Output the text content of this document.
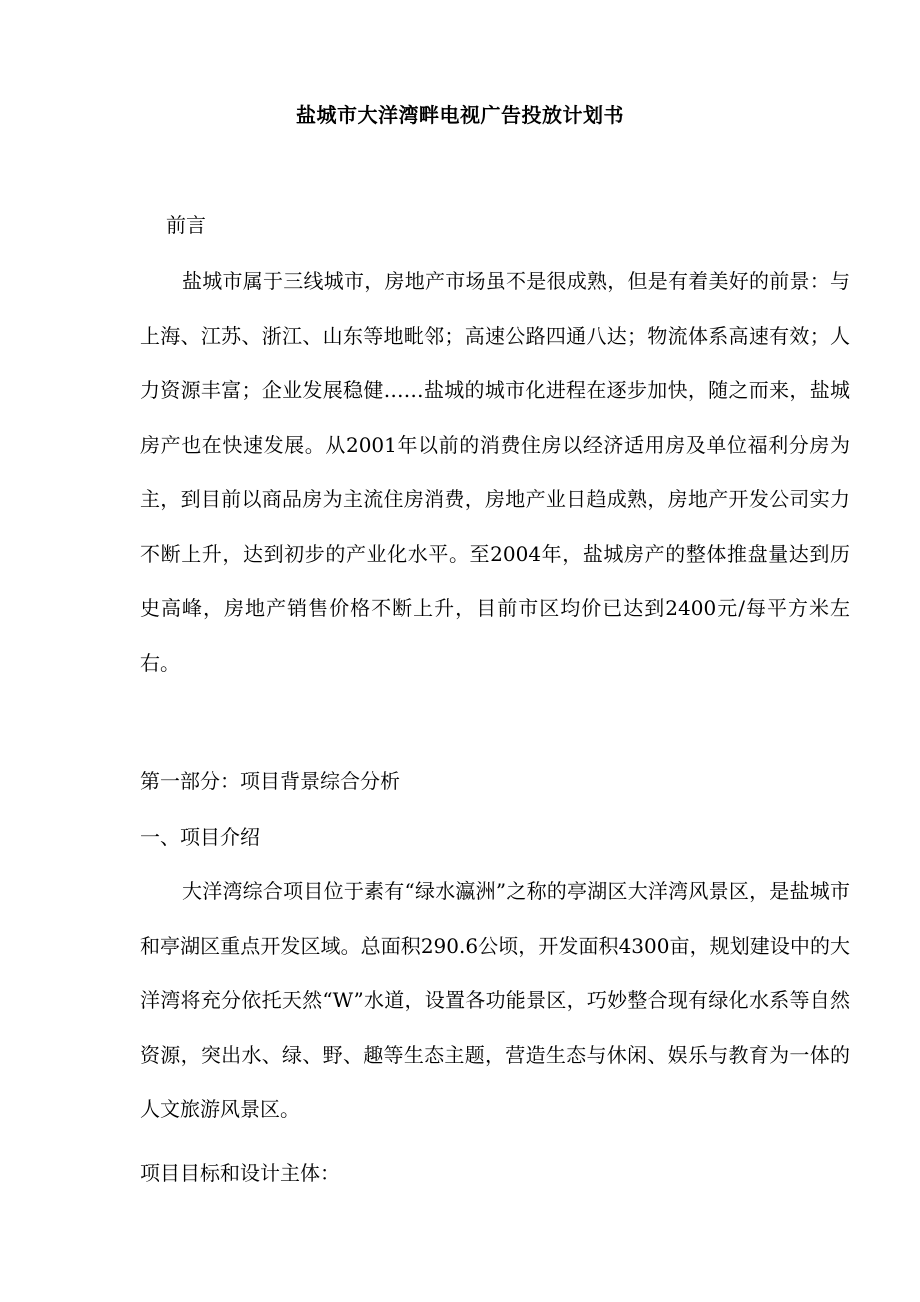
盐城市大洋湾畔电视广告投放计划书
前言

盐城市属于三线城市，房地产市场虽不是很成熟，但是有着美好的前景：与上海、江苏、浙江、山东等地毗邻；高速公路四通八达；物流体系高速有效；人力资源丰富；企业发展稳健……盐城的城市化进程在逐步加快，随之而来，盐城房产也在快速发展。从2001年以前的消费住房以经济适用房及单位福利分房为主，到目前以商品房为主流住房消费，房地产业日趋成熟，房地产开发公司实力不断上升，达到初步的产业化水平。至2004年，盐城房产的整体推盘量达到历史高峰，房地产销售价格不断上升，目前市区均价已达到2400元/每平方米左右。

第一部分：项目背景综合分析
一、项目介绍

大洋湾综合项目位于素有“绿水瀛洲”之称的亭湖区大洋湾风景区，是盐城市和亭湖区重点开发区域。总面积290.6公顷，开发面积4300亩，规划建设中的大洋湾将充分依托天然“W”水道，设置各功能景区，巧妙整合现有绿化水系等自然资源，突出水、绿、野、趣等生态主题，营造生态与休闲、娱乐与教育为一体的人文旅游风景区。

项目目标和设计主体：
